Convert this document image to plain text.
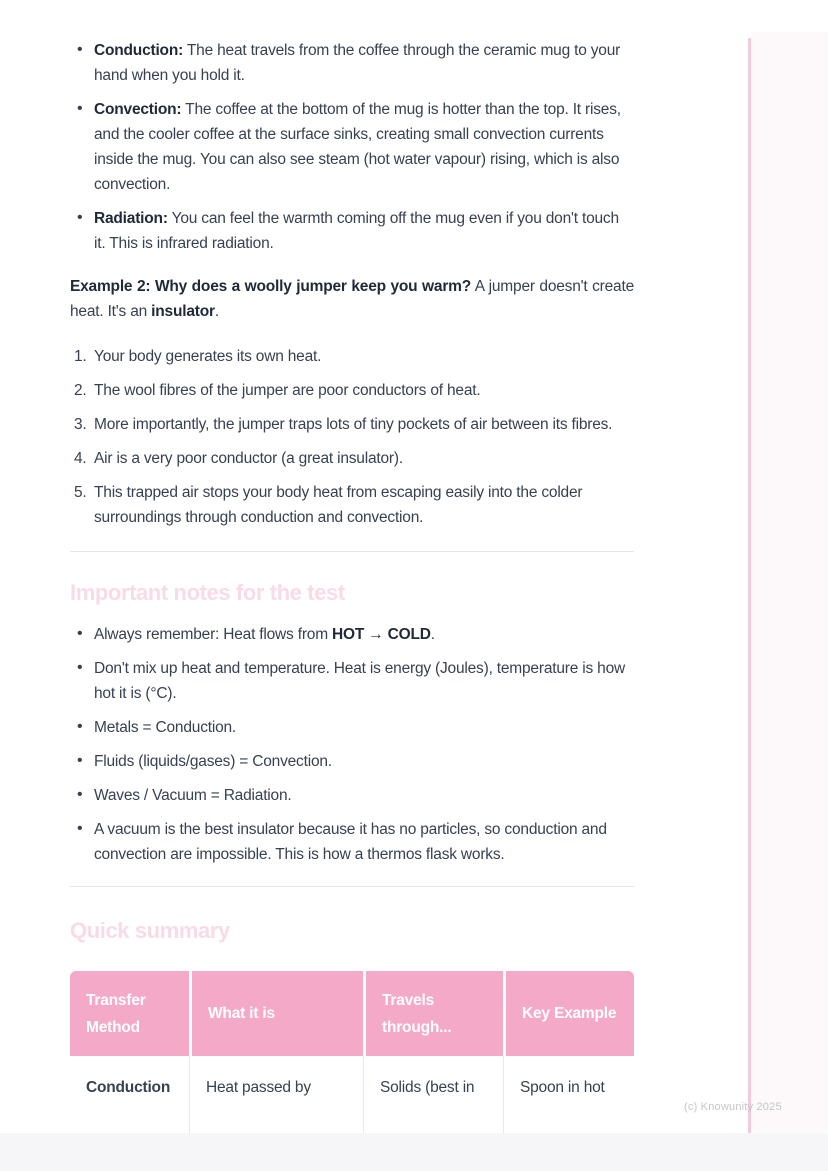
• Conduction: The heat travels from the coffee through the ceramic mug to your hand when you hold it.
• Convection: The coffee at the bottom of the mug is hotter than the top. It rises, and the cooler coffee at the surface sinks, creating small convection currents inside the mug. You can also see steam (hot water vapour) rising, which is also convection.
• Radiation: You can feel the warmth coming off the mug even if you don't touch it. This is infrared radiation.

Example 2: Why does a woolly jumper keep you warm? A jumper doesn't create heat. It's an insulator.

Your body generates its own heat.
The wool fibres of the jumper are poor conductors of heat.
More importantly, the jumper traps lots of tiny pockets of air between its fibres.
Air is a very poor conductor (a great insulator).
This trapped air stops your body heat from escaping easily into the colder surroundings through conduction and convection.
Important notes for the test
• Always remember: Heat flows from HOT → COLD.
• Don't mix up heat and temperature. Heat is energy (Joules), temperature is how hot it is (°C).
• Metals = Conduction.
• Fluids (liquids/gases) = Convection.
• Waves / Vacuum = Radiation.
• A vacuum is the best insulator because it has no particles, so conduction and convection are impossible. This is how a thermos flask works.
Quick summary
Transfer Method	What it is	Travels through...	Key Example
Conduction	Heat passed by	Solids (best in	Spoon in hot
(c) Knowunity 2025
